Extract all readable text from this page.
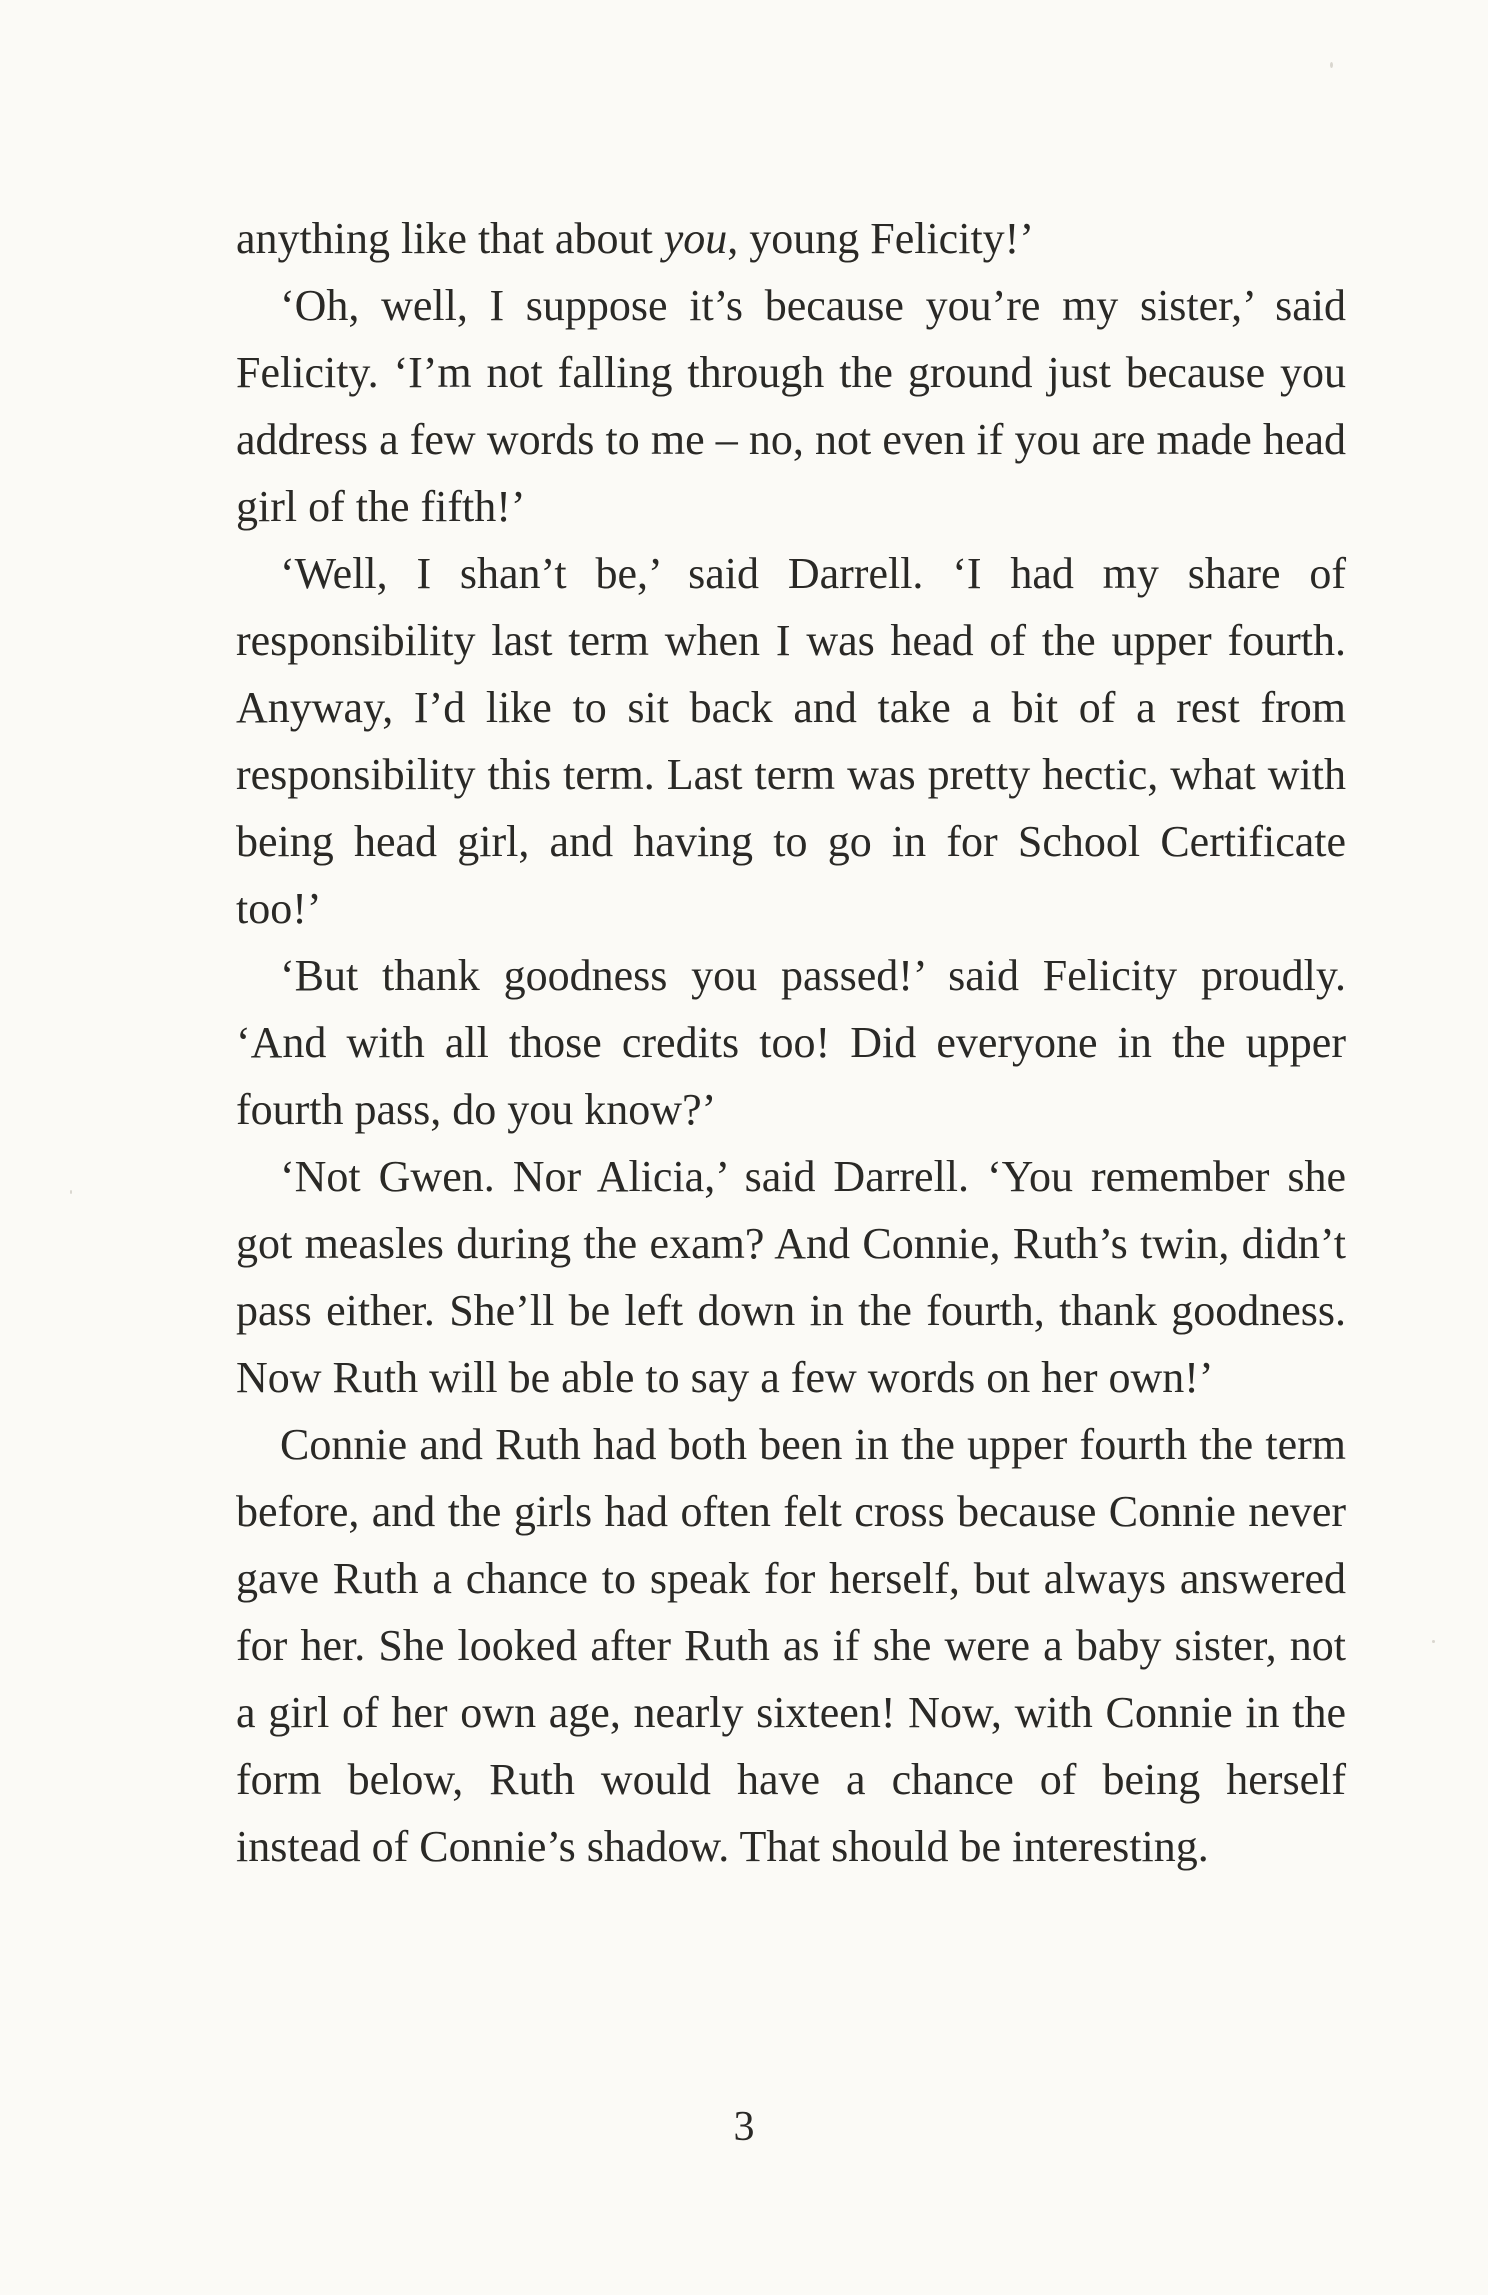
anything like that about you, young Felicity!’

‘Oh, well, I suppose it’s because you’re my sister,’ said Felicity. ‘I’m not falling through the ground just because you address a few words to me – no, not even if you are made head girl of the fifth!’

‘Well, I shan’t be,’ said Darrell. ‘I had my share of responsibility last term when I was head of the upper fourth. Anyway, I’d like to sit back and take a bit of a rest from responsibility this term. Last term was pretty hectic, what with being head girl, and having to go in for School Certificate too!’

‘But thank goodness you passed!’ said Felicity proudly. ‘And with all those credits too! Did everyone in the upper fourth pass, do you know?’

‘Not Gwen. Nor Alicia,’ said Darrell. ‘You remember she got measles during the exam? And Connie, Ruth’s twin, didn’t pass either. She’ll be left down in the fourth, thank goodness. Now Ruth will be able to say a few words on her own!’

Connie and Ruth had both been in the upper fourth the term before, and the girls had often felt cross because Connie never gave Ruth a chance to speak for herself, but always answered for her. She looked after Ruth as if she were a baby sister, not a girl of her own age, nearly sixteen! Now, with Connie in the form below, Ruth would have a chance of being herself instead of Connie’s shadow. That should be interesting.

3
